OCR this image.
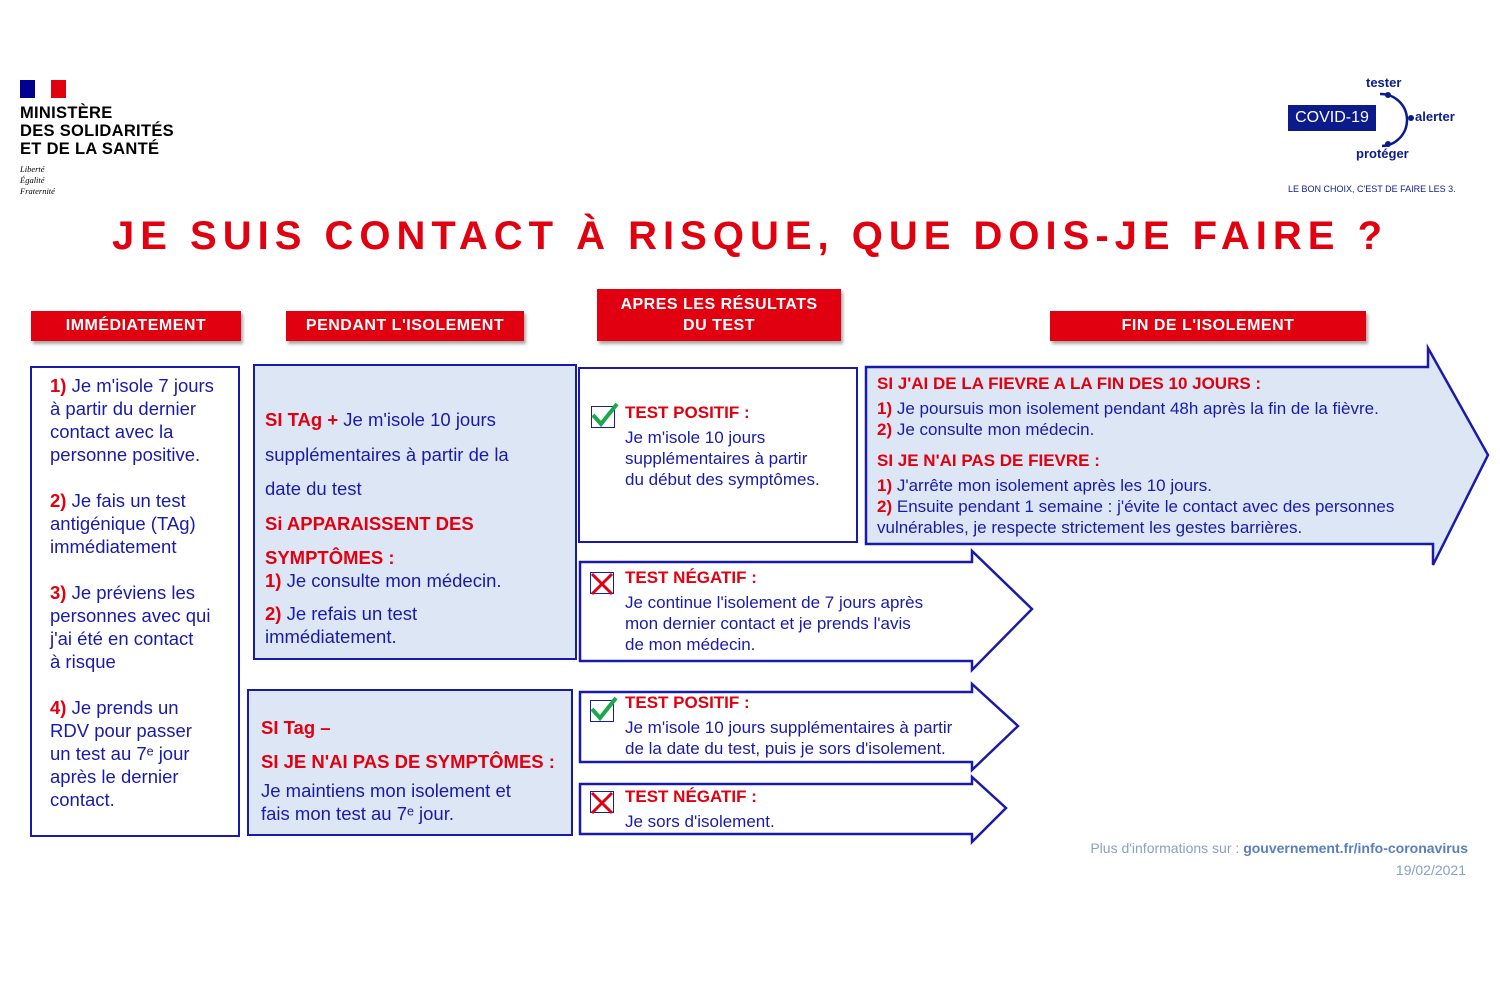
MINISTÈRE
DES SOLIDARITÉS
ET DE LA SANTÉ
Liberté
Égalité
Fraternité
COVID-19
tester
alerter
protéger
LE BON CHOIX, C'EST DE FAIRE LES 3.
JE SUIS CONTACT À RISQUE, QUE DOIS-JE FAIRE ?
IMMÉDIATEMENT	PENDANT L'ISOLEMENT
APRES LES RÉSULTATS
DU TEST	FIN DE L'ISOLEMENT

1) Je m'isole 7 jours
à partir du dernier
contact avec la
personne positive.

2) Je fais un test
antigénique (TAg)
immédiatement

3) Je préviens les
personnes avec qui
j'ai été en contact
à risque

4) Je prends un
RDV pour passer
un test au 7ᵉ jour
après le dernier
contact.

SI TAg + Je m'isole 10 jours
supplémentaires à partir de la
date du test
Si APPARAISSENT DES
SYMPTÔMES :
1) Je consulte mon médecin.
2) Je refais un test
immédiatement.
SI Tag –
SI JE N'AI PAS DE SYMPTÔMES :
Je maintiens mon isolement et
fais mon test au 7ᵉ jour.
TEST POSITIF :
Je m'isole 10 jours
supplémentaires à partir
du début des symptômes.
TEST NÉGATIF :
Je continue l'isolement de 7 jours après
mon dernier contact et je prends l'avis
de mon médecin.
TEST POSITIF :
Je m'isole 10 jours supplémentaires à partir
de la date du test, puis je sors d'isolement.
TEST NÉGATIF :
Je sors d'isolement.
SI J'AI DE LA FIEVRE A LA FIN DES 10 JOURS :
1) Je poursuis mon isolement pendant 48h après la fin de la fièvre.
2) Je consulte mon médecin.
SI JE N'AI PAS DE FIEVRE :
1) J'arrête mon isolement après les 10 jours.
2) Ensuite pendant 1 semaine : j'évite le contact avec des personnes
vulnérables, je respecte strictement les gestes barrières.
Plus d'informations sur : gouvernement.fr/info-coronavirus
19/02/2021
